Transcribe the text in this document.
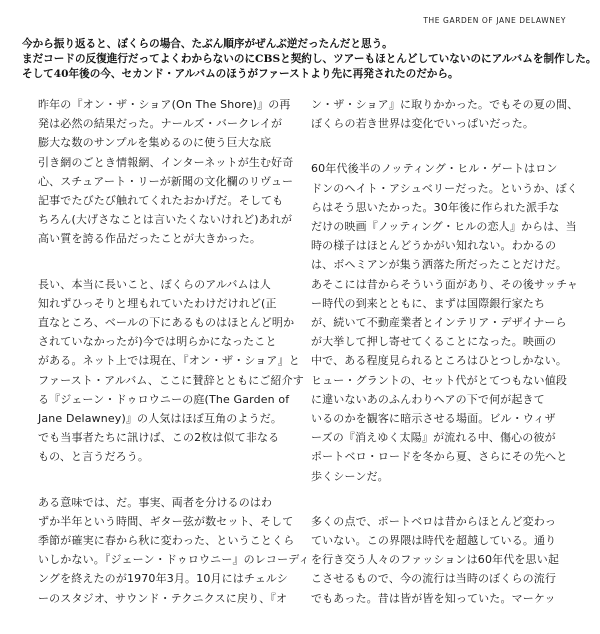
THE GARDEN OF JANE DELAWNEY

今から振り返ると、ぼくらの場合、たぶん順序がぜんぶ逆だったんだと思う。

まだコードの反復進行だってよくわからないのにCBSと契約し、ツアーもほとんどしていないのにアルバムを制作した。

そして40年後の今、セカンド・アルバムのほうがファーストより先に再発されたのだから。

昨年の『オン・ザ・ショア(On The Shore)』の再
発は必然の結果だった。ナールズ・バークレイが
膨大な数のサンプルを集めるのに使う巨大な底
引き網のごとき情報網、インターネットが生む好奇
心、スチュアート・リーが新聞の文化欄のリヴュー
記事でたびたび触れてくれたおかげだ。そしても
ちろん(大げさなことは言いたくないけれど)あれが
高い質を誇る作品だったことが大きかった。

長い、本当に長いこと、ぼくらのアルバムは人
知れずひっそりと埋もれていたわけだけれど(正
直なところ、ベールの下にあるものはほとんど明か
されていなかったが)今では明らかになったこと
がある。ネット上では現在、『オン・ザ・ショア』と
ファースト・アルバム、ここに賛辞とともにご紹介す
る『ジェーン・ドゥロウニーの庭(The Garden of
Jane Delawney)』の人気はほぼ互角のようだ。
でも当事者たちに訊けば、この2枚は似て非なる
もの、と言うだろう。

ある意味では、だ。事実、両者を分けるのはわ
ずか半年という時間、ギター弦が数セット、そして
季節が確実に春から秋に変わった、ということくら
いしかない。『ジェーン・ドゥロウニー』のレコーディ
ングを終えたのが1970年3月。10月にはチェルシ
ーのスタジオ、サウンド・テクニクスに戻り、『オ

ン・ザ・ショア』に取りかかった。でもその夏の間、
ぼくらの若き世界は変化でいっぱいだった。

60年代後半のノッティング・ヒル・ゲートはロン
ドンのヘイト・アシュベリーだった。というか、ぼく
らはそう思いたかった。30年後に作られた派手な
だけの映画『ノッティング・ヒルの恋人』からは、当
時の様子はほとんどうかがい知れない。わかるの
は、ボヘミアンが集う洒落た所だったことだけだ。
あそこには昔からそういう面があり、その後サッチャ
ー時代の到来とともに、まずは国際銀行家たち
が、続いて不動産業者とインテリア・デザイナーら
が大挙して押し寄せてくることになった。映画の
中で、ある程度見られるところはひとつしかない。
ヒュー・グラントの、セット代がとてつもない値段
に違いないあのふんわりヘアの下で何が起きて
いるのかを観客に暗示させる場面。ビル・ウィザ
ーズの『消えゆく太陽』が流れる中、傷心の彼が
ポートベロ・ロードを冬から夏、さらにその先へと
歩くシーンだ。

多くの点で、ポートベロは昔からほとんど変わっ
ていない。この界隈は時代を超越している。通り
を行き交う人々のファッションは60年代を思い起
こさせるもので、今の流行は当時のぼくらの流行
でもあった。昔は皆が皆を知っていた。マーケッ
